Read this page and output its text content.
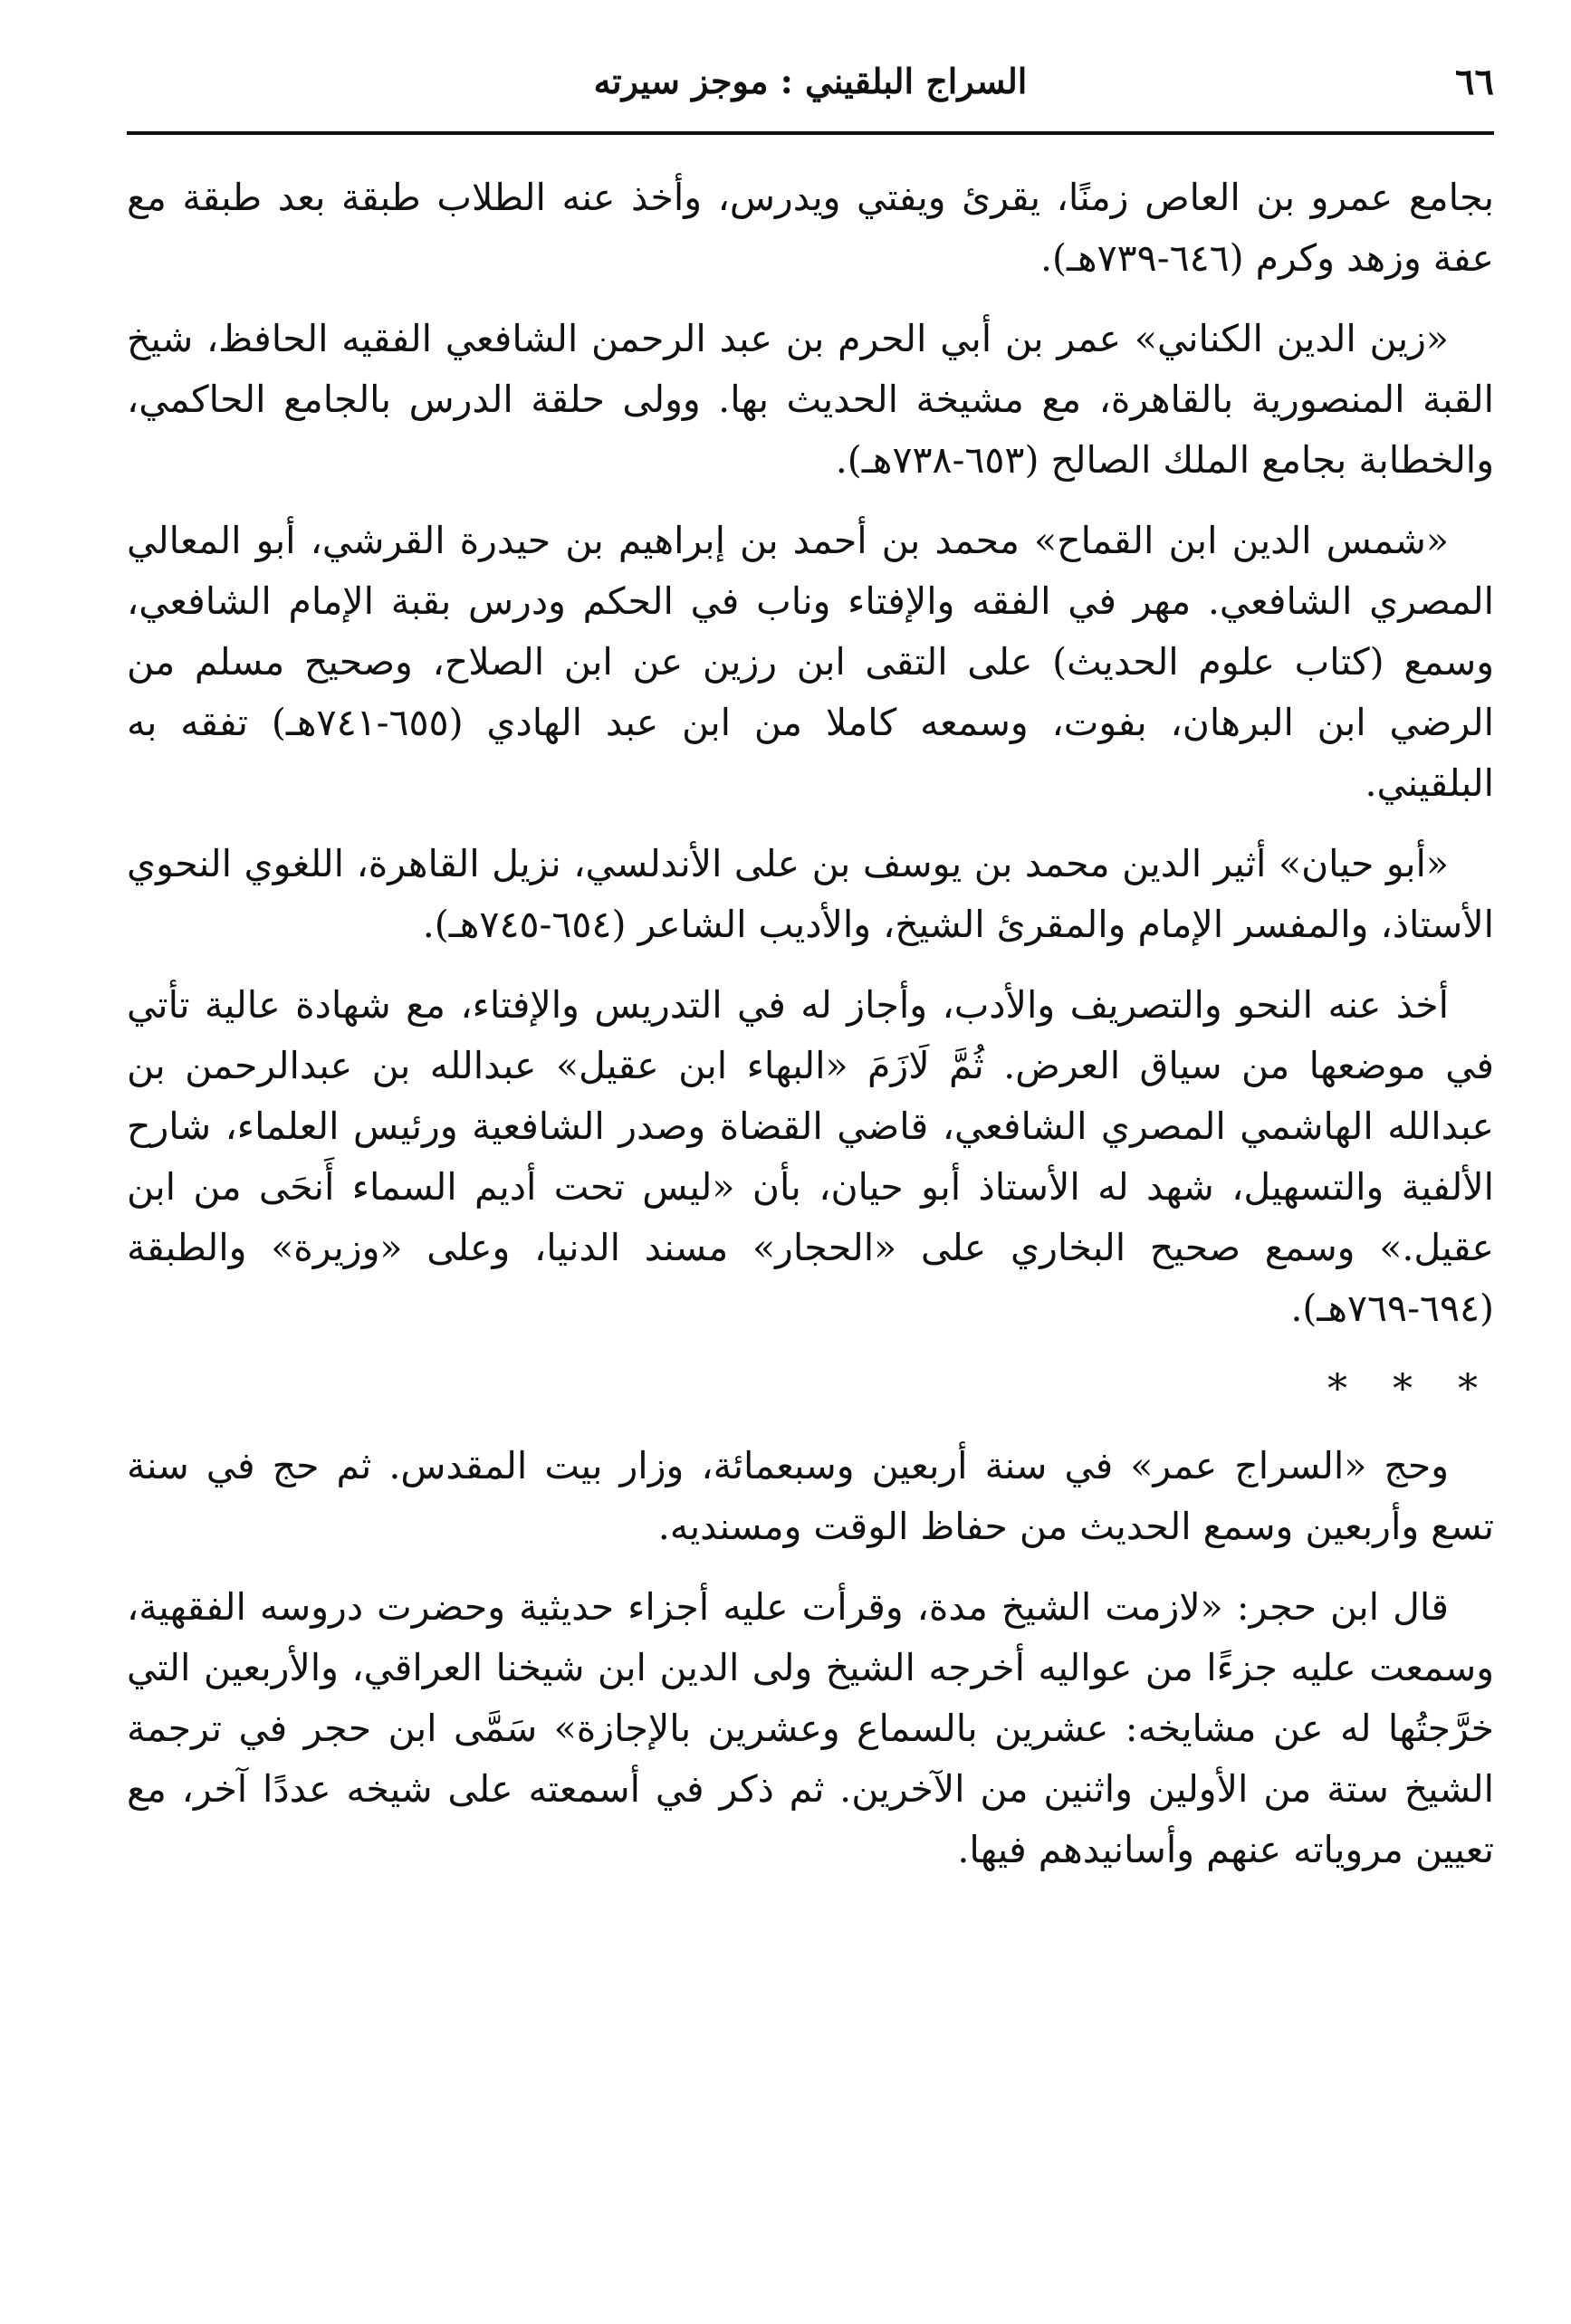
٦٦
السراج البلقيني : موجز سيرته

بجامع عمرو بن العاص زمنًا، يقرئ ويفتي ويدرس، وأخذ عنه الطلاب طبقة بعد طبقة مع عفة وزهد وكرم (٦٤٦-٧٣٩هـ).

«زين الدين الكناني» عمر بن أبي الحرم بن عبد الرحمن الشافعي الفقيه الحافظ، شيخ القبة المنصورية بالقاهرة، مع مشيخة الحديث بها. وولى حلقة الدرس بالجامع الحاكمي، والخطابة بجامع الملك الصالح (٦٥٣-٧٣٨هـ).

«شمس الدين ابن القماح» محمد بن أحمد بن إبراهيم بن حيدرة القرشي، أبو المعالي المصري الشافعي. مهر في الفقه والإفتاء وناب في الحكم ودرس بقبة الإمام الشافعي، وسمع (كتاب علوم الحديث) على التقى ابن رزين عن ابن الصلاح، وصحيح مسلم من الرضي ابن البرهان، بفوت، وسمعه كاملا من ابن عبد الهادي (٦٥٥-٧٤١هـ) تفقه به البلقيني.

«أبو حيان» أثير الدين محمد بن يوسف بن على الأندلسي، نزيل القاهرة، اللغوي النحوي الأستاذ، والمفسر الإمام والمقرئ الشيخ، والأديب الشاعر (٦٥٤-٧٤٥هـ).

أخذ عنه النحو والتصريف والأدب، وأجاز له في التدريس والإفتاء، مع شهادة عالية تأتي في موضعها من سياق العرض. ثُمَّ لَازَمَ «البهاء ابن عقيل» عبدالله بن عبدالرحمن بن عبدالله الهاشمي المصري الشافعي، قاضي القضاة وصدر الشافعية ورئيس العلماء، شارح الألفية والتسهيل، شهد له الأستاذ أبو حيان، بأن «ليس تحت أديم السماء أَنحَى من ابن عقيل.» وسمع صحيح البخاري على «الحجار» مسند الدنيا، وعلى «وزيرة» والطبقة (٦٩٤-٧٦٩هـ).

* * *

وحج «السراج عمر» في سنة أربعين وسبعمائة، وزار بيت المقدس. ثم حج في سنة تسع وأربعين وسمع الحديث من حفاظ الوقت ومسنديه.

قال ابن حجر: «لازمت الشيخ مدة، وقرأت عليه أجزاء حديثية وحضرت دروسه الفقهية، وسمعت عليه جزءًا من عواليه أخرجه الشيخ ولى الدين ابن شيخنا العراقي، والأربعين التي خرَّجتُها له عن مشايخه: عشرين بالسماع وعشرين بالإجازة» سَمَّى ابن حجر في ترجمة الشيخ ستة من الأولين واثنين من الآخرين. ثم ذكر في أسمعته على شيخه عددًا آخر، مع تعيين مروياته عنهم وأسانيدهم فيها.
